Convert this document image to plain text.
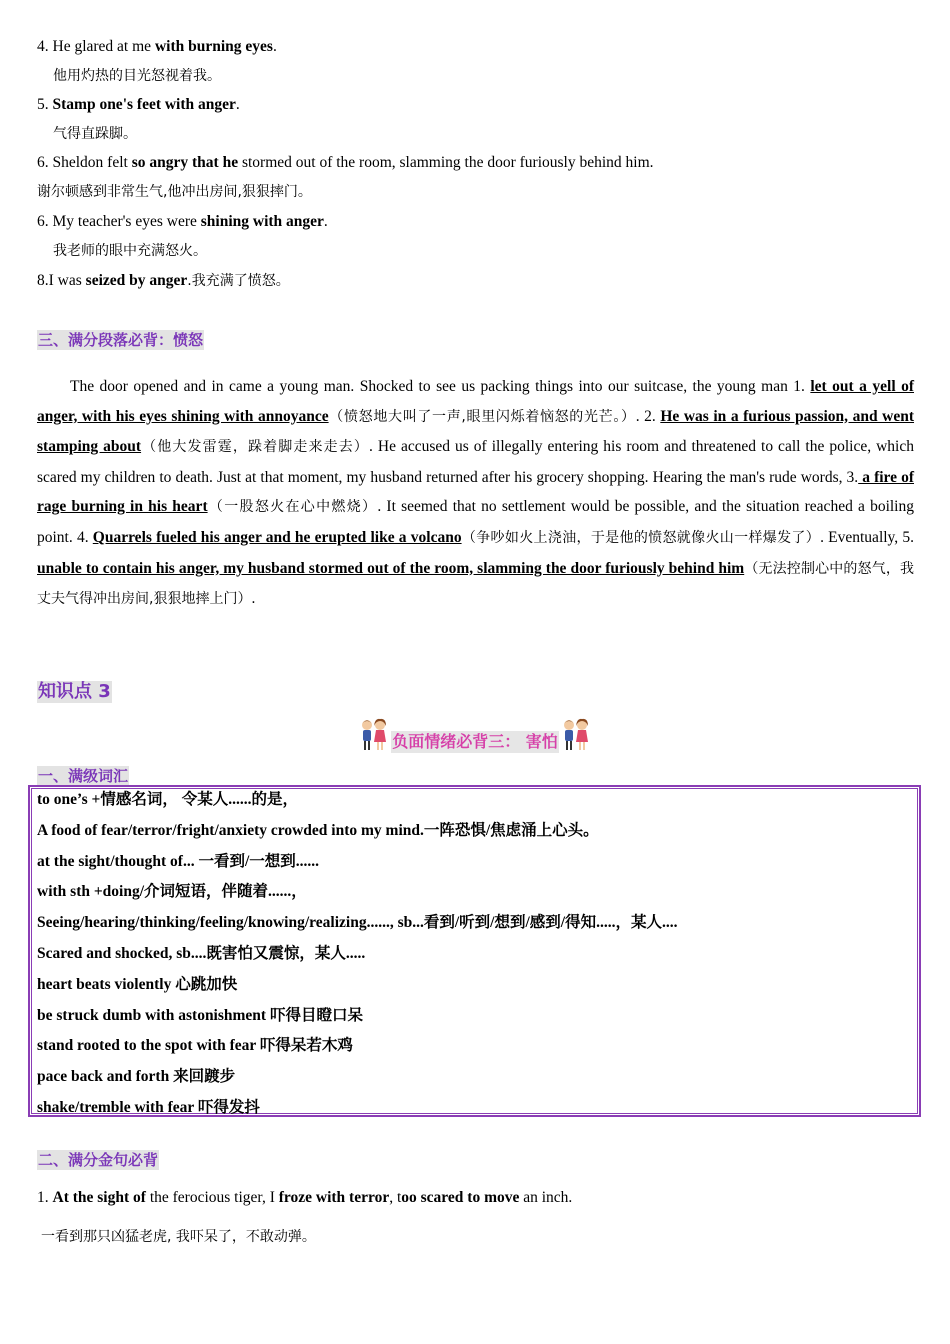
4. He glared at me with burning eyes.
他用灼热的目光怒视着我。
5. Stamp one's feet with anger.
气得直跺脚。
6. Sheldon felt so angry that he stormed out of the room, slamming the door furiously behind him.
谢尔顿感到非常生气,他冲出房间,狠狠摔门。
6. My teacher's eyes were shining with anger.
我老师的眼中充满怒火。
8.I was seized by anger.我充满了愤怒。
三、满分段落必背：愤怒
The door opened and in came a young man. Shocked to see us packing things into our suitcase, the young man 1. let out a yell of anger, with his eyes shining with annoyance（愤怒地大叫了一声,眼里闪烁着恼怒的光芒。）. 2. He was in a furious passion, and went stamping about（他大发雷霆，跺着脚走来走去）. He accused us of illegally entering his room and threatened to call the police, which scared my children to death. Just at that moment, my husband returned after his grocery shopping. Hearing the man's rude words, 3. a fire of rage burning in his heart（一股怒火在心中燃烧）. It seemed that no settlement would be possible, and the situation reached a boiling point. 4. Quarrels fueled his anger and he erupted like a volcano（争吵如火上浇油，于是他的愤怒就像火山一样爆发了）. Eventually, 5. unable to contain his anger, my husband stormed out of the room, slamming the door furiously behind him（无法控制心中的怒气，我丈夫气得冲出房间,狠狠地摔上门）.
知识点 3
负面情绪必背三： 害怕
一、满级词汇
to one’s +情感名词， 令某人......的是，
A food of fear/terror/fright/anxiety crowded into my mind.一阵恐惧/焦虑涌上心头。
at the sight/thought of... 一看到/一想到......
with sth +doing/介词短语，伴随着......，
Seeing/hearing/thinking/feeling/knowing/realizing......, sb...看到/听到/想到/感到/得知.....，某人....
Scared and shocked, sb....既害怕又震惊，某人.....
heart beats violently 心跳加快
be struck dumb with astonishment 吓得目瞪口呆
stand rooted to the spot with fear 吓得呆若木鸡
pace back and forth 来回踱步
shake/tremble with fear 吓得发抖
二、满分金句必背
1. At the sight of the ferocious tiger, I froze with terror, too scared to move an inch.
一看到那只凶猛老虎, 我吓呆了，不敢动弹。
